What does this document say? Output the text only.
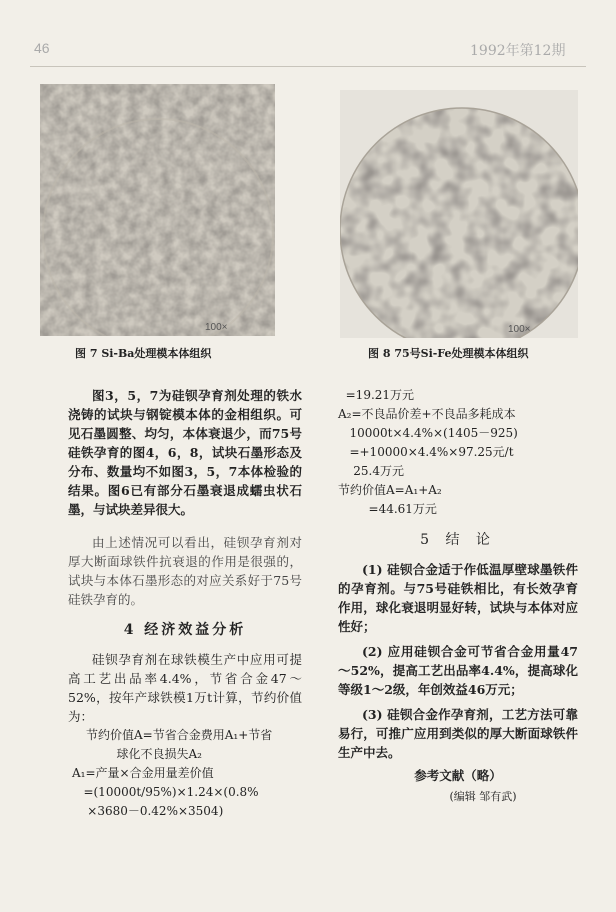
46	1992年第12期
100×	100×
图 7 Si-Ba处理模本体组织	图 8 75号Si-Fe处理模本体组织

图3，5，7为硅钡孕育剂处理的铁水浇铸的试块与钢锭模本体的金相组织。可见石墨圆整、均匀，本体衰退少，而75号硅铁孕育的图4，6，8，试块石墨形态及分布、数量均不如图3，5，7本体检验的结果。图6已有部分石墨衰退成蠕虫状石墨，与试块差异很大。

由上述情况可以看出，硅钡孕育剂对厚大断面球铁件抗衰退的作用是很强的，试块与本体石墨形态的对应关系好于75号硅铁孕育的。

4 经济效益分析

硅钡孕育剂在球铁模生产中应用可提高工艺出品率4.4%，节省合金47～52%，按年产球铁模1万t计算，节约价值为：

节约价值A=节省合金费用A₁+节省

球化不良损失A₂

A₁=产量×合金用量差价值

=(10000t/95%)×1.24×(0.8%

×3680－0.42%×3504)

=19.21万元

A₂=不良品价差+不良品多耗成本

10000t×4.4%×(1405－925)

=+10000×4.4%×97.25元/t

25.4万元

节约价值A=A₁+A₂

=44.61万元

5 结 论

(1) 硅钡合金适于作低温厚壁球墨铁件的孕育剂。与75号硅铁相比，有长效孕育作用，球化衰退明显好转，试块与本体对应性好；

(2) 应用硅钡合金可节省合金用量47～52%，提高工艺出品率4.4%，提高球化等级1～2级，年创效益46万元；

(3) 硅钡合金作孕育剂，工艺方法可靠易行，可推广应用到类似的厚大断面球铁件生产中去。

参考文献（略）

(编辑 邹有武)
